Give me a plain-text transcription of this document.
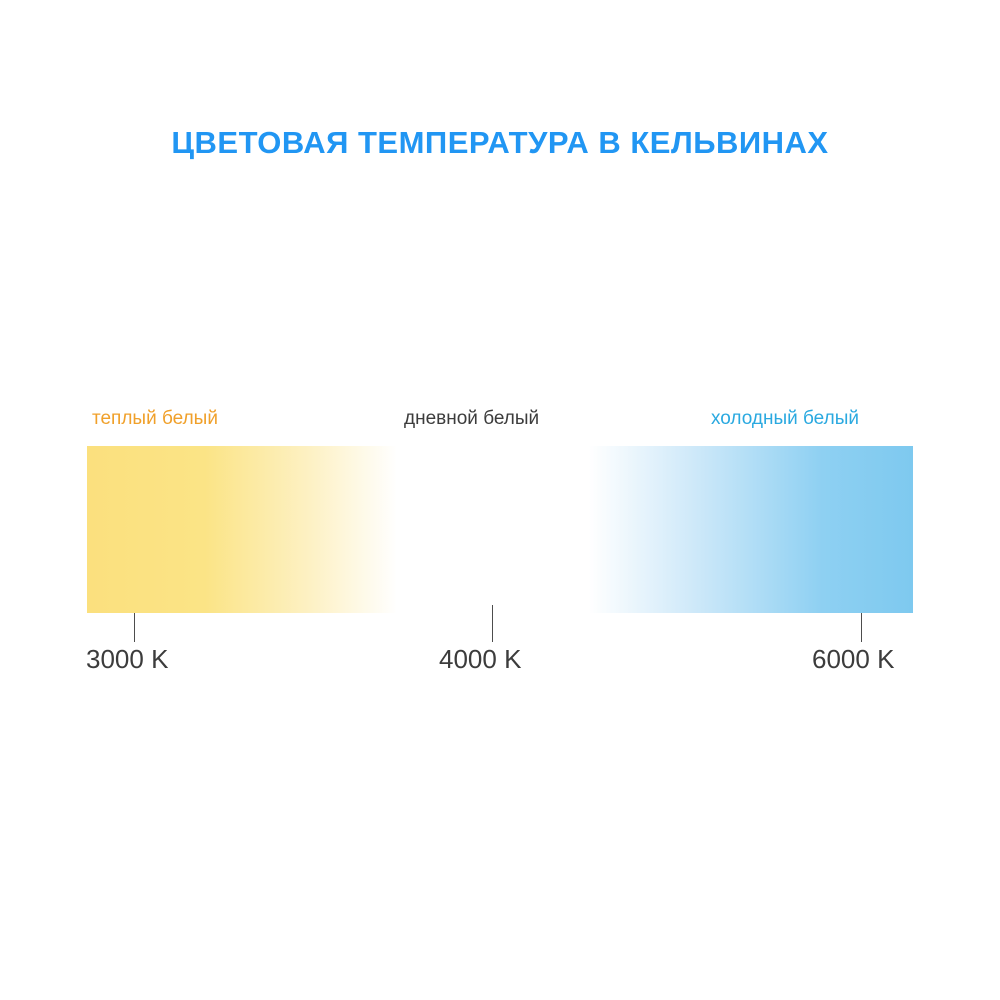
ЦВЕТОВАЯ ТЕМПЕРАТУРА В КЕЛЬВИНАХ
теплый белый
3000 K
дневной белый
4000 K
холодный белый
6000 K
